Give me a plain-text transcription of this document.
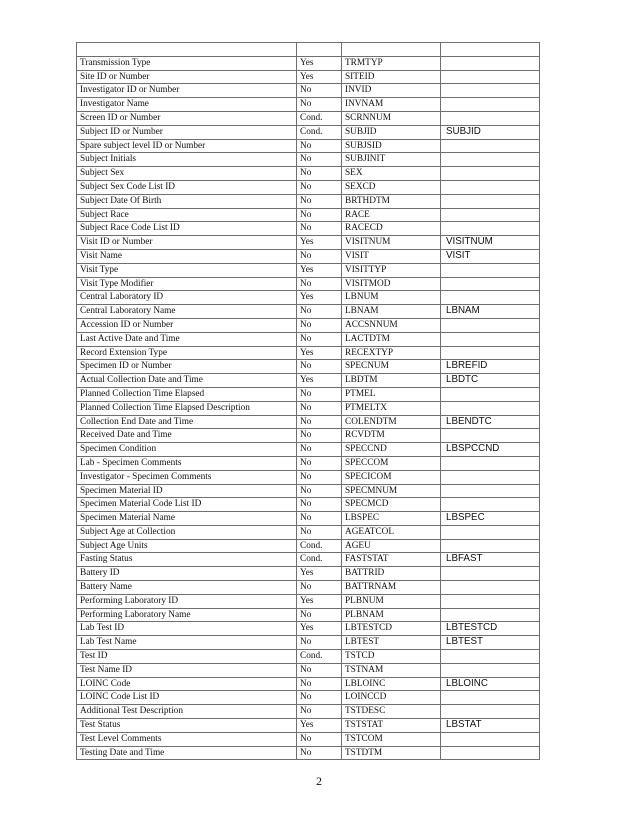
Transmission Type	Yes	TRMTYP	
Site ID or Number	Yes	SITEID	
Investigator ID or Number	No	INVID	
Investigator Name	No	INVNAM	
Screen ID or Number	Cond.	SCRNNUM	
Subject ID or Number	Cond.	SUBJID	SUBJID
Spare subject level ID or Number	No	SUBJSID	
Subject Initials	No	SUBJINIT	
Subject Sex	No	SEX	
Subject Sex Code List ID	No	SEXCD	
Subject Date Of Birth	No	BRTHDTM	
Subject Race	No	RACE	
Subject Race Code List ID	No	RACECD	
Visit ID or Number	Yes	VISITNUM	VISITNUM
Visit Name	No	VISIT	VISIT
Visit Type	Yes	VISITTYP	
Visit Type Modifier	No	VISITMOD	
Central Laboratory ID	Yes	LBNUM	
Central Laboratory Name	No	LBNAM	LBNAM
Accession ID or Number	No	ACCSNNUM	
Last Active Date and Time	No	LACTDTM	
Record Extension Type	Yes	RECEXTYP	
Specimen ID or Number	No	SPECNUM	LBREFID
Actual Collection Date and Time	Yes	LBDTM	LBDTC
Planned Collection Time Elapsed	No	PTMEL	
Planned Collection Time Elapsed Description	No	PTMELTX	
Collection End Date and Time	No	COLENDTM	LBENDTC
Received Date and Time	No	RCVDTM	
Specimen Condition	No	SPECCND	LBSPCCND
Lab - Specimen Comments	No	SPECCOM	
Investigator - Specimen Comments	No	SPECICOM	
Specimen Material ID	No	SPECMNUM	
Specimen Material Code List ID	No	SPECMCD	
Specimen Material Name	No	LBSPEC	LBSPEC
Subject Age at Collection	No	AGEATCOL	
Subject Age Units	Cond.	AGEU	
Fasting Status	Cond.	FASTSTAT	LBFAST
Battery ID	Yes	BATTRID	
Battery Name	No	BATTRNAM	
Performing Laboratory ID	Yes	PLBNUM	
Performing Laboratory Name	No	PLBNAM	
Lab Test ID	Yes	LBTESTCD	LBTESTCD
Lab Test Name	No	LBTEST	LBTEST
Test ID	Cond.	TSTCD	
Test Name ID	No	TSTNAM	
LOINC Code	No	LBLOINC	LBLOINC
LOINC Code List ID	No	LOINCCD	
Additional Test Description	No	TSTDESC	
Test Status	Yes	TSTSTAT	LBSTAT
Test Level Comments	No	TSTCOM	
Testing Date and Time	No	TSTDTM	
2
